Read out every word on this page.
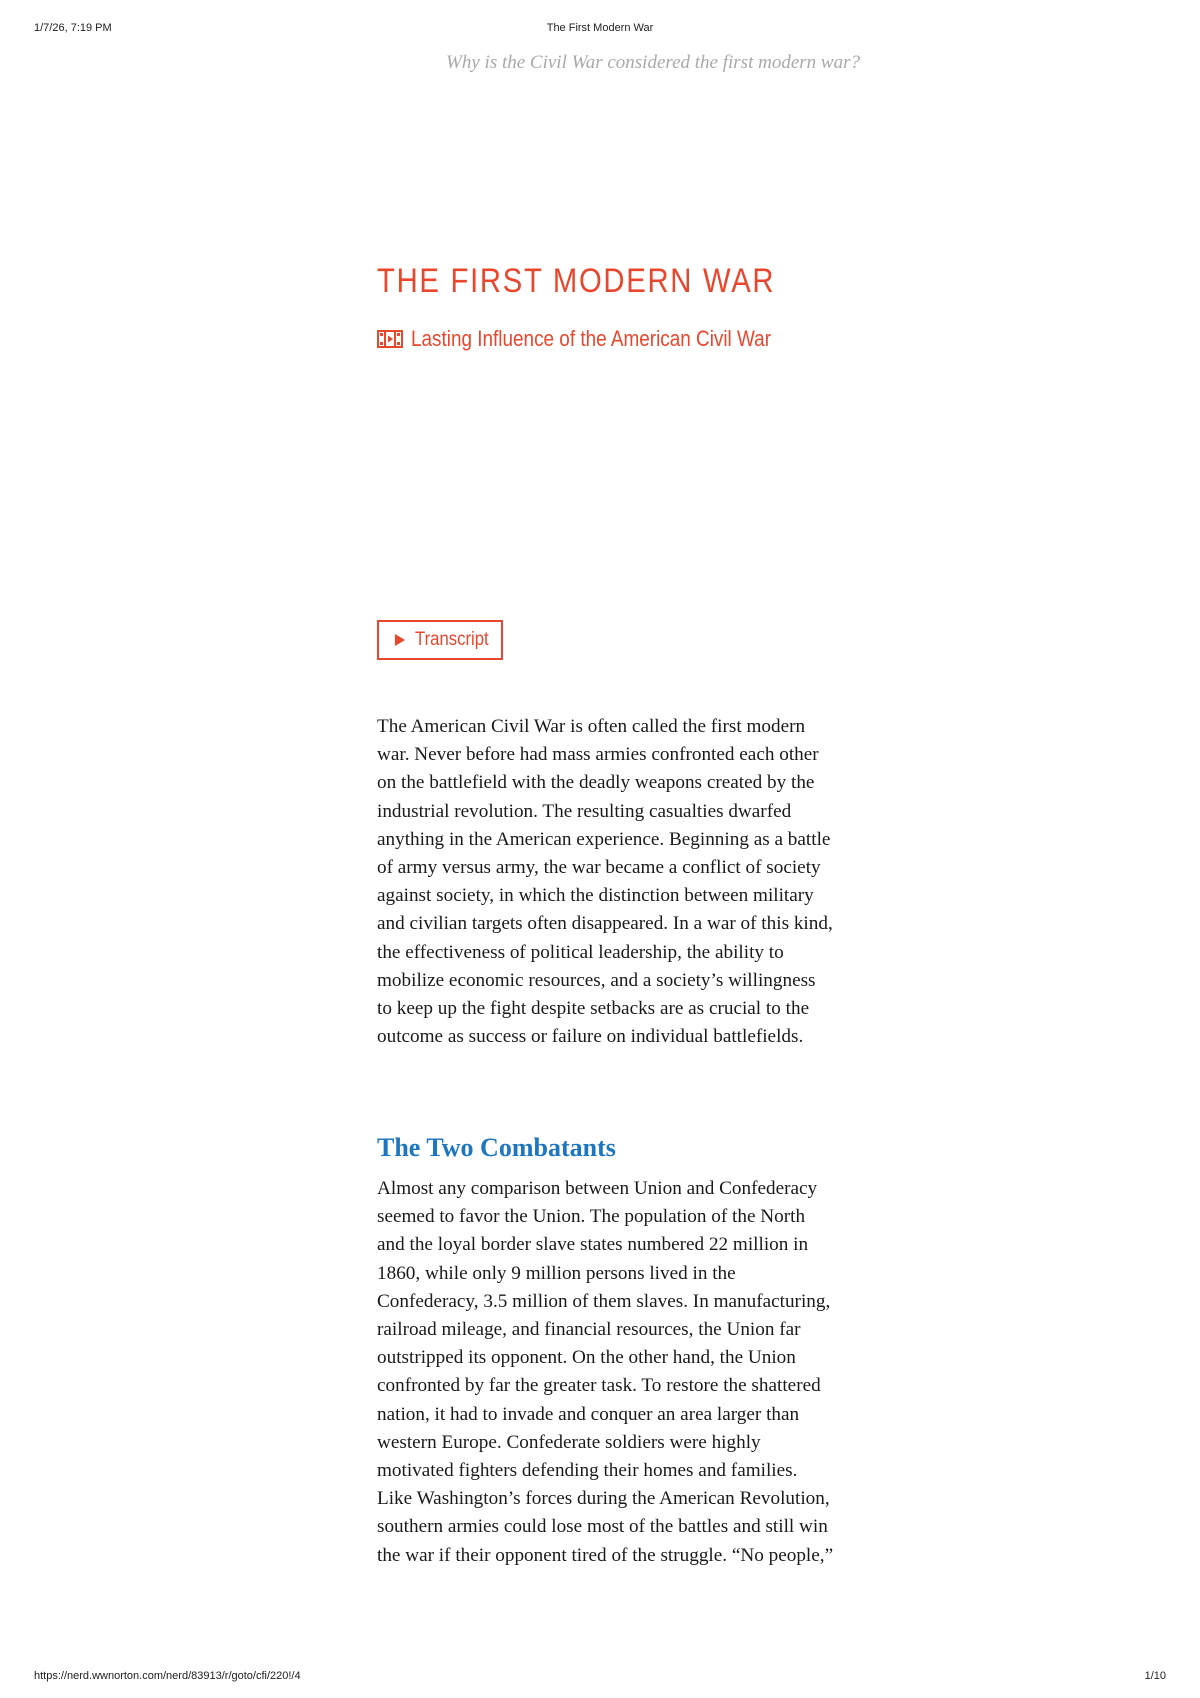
1/7/26, 7:19 PM	The First Modern War
Why is the Civil War considered the first modern war?
THE FIRST MODERN WAR
Lasting Influence of the American Civil War
Transcript

The American Civil War is often called the first modern war. Never before had mass armies confronted each other on the battlefield with the deadly weapons created by the industrial revolution. The resulting casualties dwarfed anything in the American experience. Beginning as a battle of army versus army, the war became a conflict of society against society, in which the distinction between military and civilian targets often disappeared. In a war of this kind, the effectiveness of political leadership, the ability to mobilize economic resources, and a society’s willingness to keep up the fight despite setbacks are as crucial to the outcome as success or failure on individual battlefields.

The Two Combatants

Almost any comparison between Union and Confederacy seemed to favor the Union. The population of the North and the loyal border slave states numbered 22 million in 1860, while only 9 million persons lived in the Confederacy, 3.5 million of them slaves. In manufacturing, railroad mileage, and financial resources, the Union far outstripped its opponent. On the other hand, the Union confronted by far the greater task. To restore the shattered nation, it had to invade and conquer an area larger than western Europe. Confederate soldiers were highly motivated fighters defending their homes and families. Like Washington’s forces during the American Revolution, southern armies could lose most of the battles and still win the war if their opponent tired of the struggle. “No people,”

https://nerd.wwnorton.com/nerd/83913/r/goto/cfi/220!/4	1/10
